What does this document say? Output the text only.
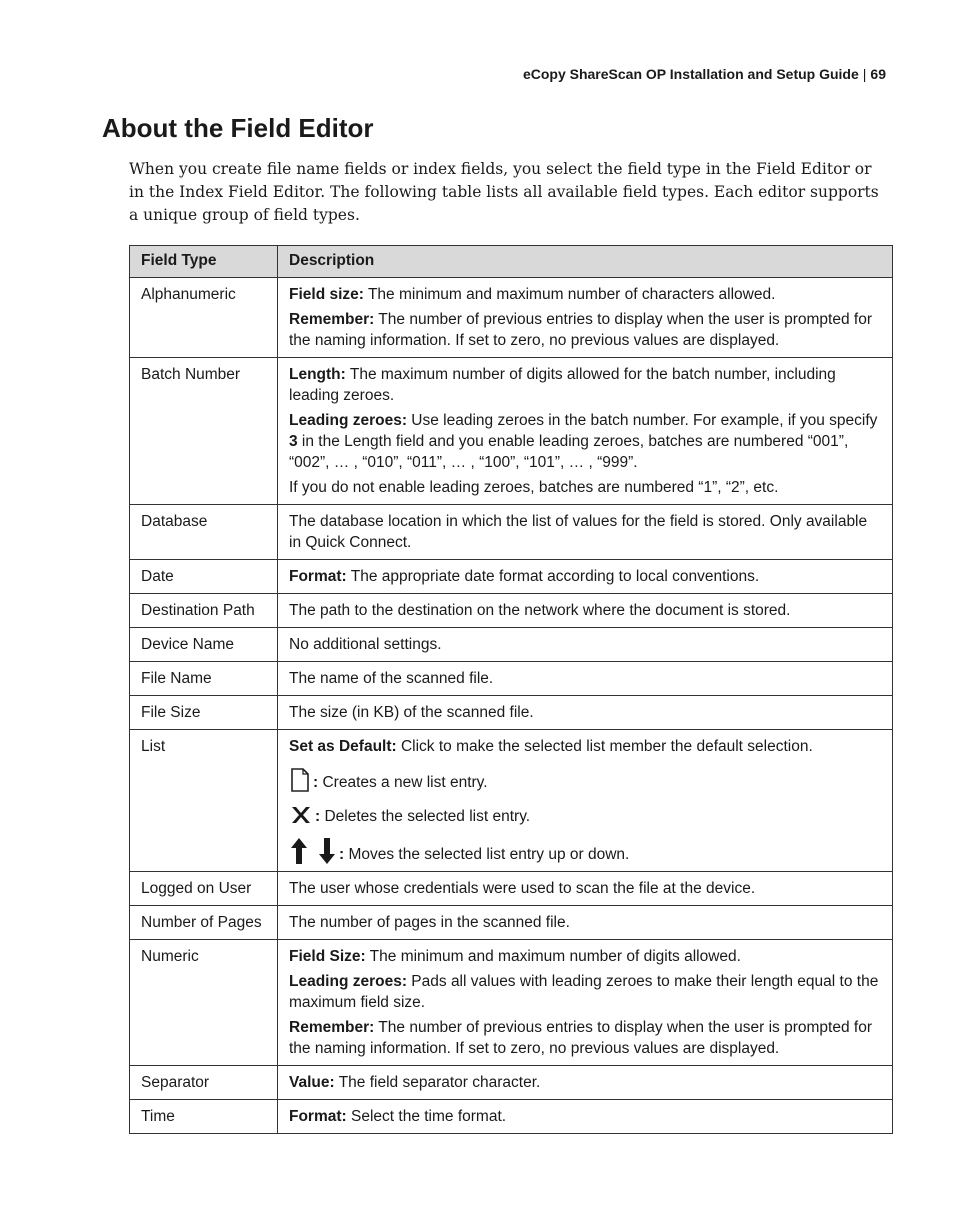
eCopy ShareScan OP Installation and Setup Guide | 69
About the Field Editor

When you create file name fields or index fields, you select the field type in the Field Editor or in the Index Field Editor. The following table lists all available field types. Each editor supports a unique group of field types.

Field Type	Description
Alphanumeric	Field size: The minimum and maximum number of characters allowed.

Remember: The number of previous entries to display when the user is prompted for the naming information. If set to zero, no previous values are displayed.

Batch Number	Length: The maximum number of digits allowed for the batch number, including leading zeroes.

Leading zeroes: Use leading zeroes in the batch number. For example, if you specify 3 in the Length field and you enable leading zeroes, batches are numbered “001”, “002”, … , “010”, “011”, … , “100”, “101”, … , “999”.

If you do not enable leading zeroes, batches are numbered “1”, “2”, etc.

Database	The database location in which the list of values for the field is stored. Only available in Quick Connect.

Date	Format: The appropriate date format according to local conventions.

Destination Path	The path to the destination on the network where the document is stored.

Device Name	No additional settings.

File Name	The name of the scanned file.

File Size	The size (in KB) of the scanned file.

List	Set as Default: Click to make the selected list member the default selection.

: Creates a new list entry.
: Deletes the selected list entry.
: Moves the selected list entry up or down.

Logged on User	The user whose credentials were used to scan the file at the device.

Number of Pages	The number of pages in the scanned file.

Numeric	Field Size: The minimum and maximum number of digits allowed.

Leading zeroes: Pads all values with leading zeroes to make their length equal to the maximum field size.

Remember: The number of previous entries to display when the user is prompted for the naming information. If set to zero, no previous values are displayed.

Separator	Value: The field separator character.

Time	Format: Select the time format.
